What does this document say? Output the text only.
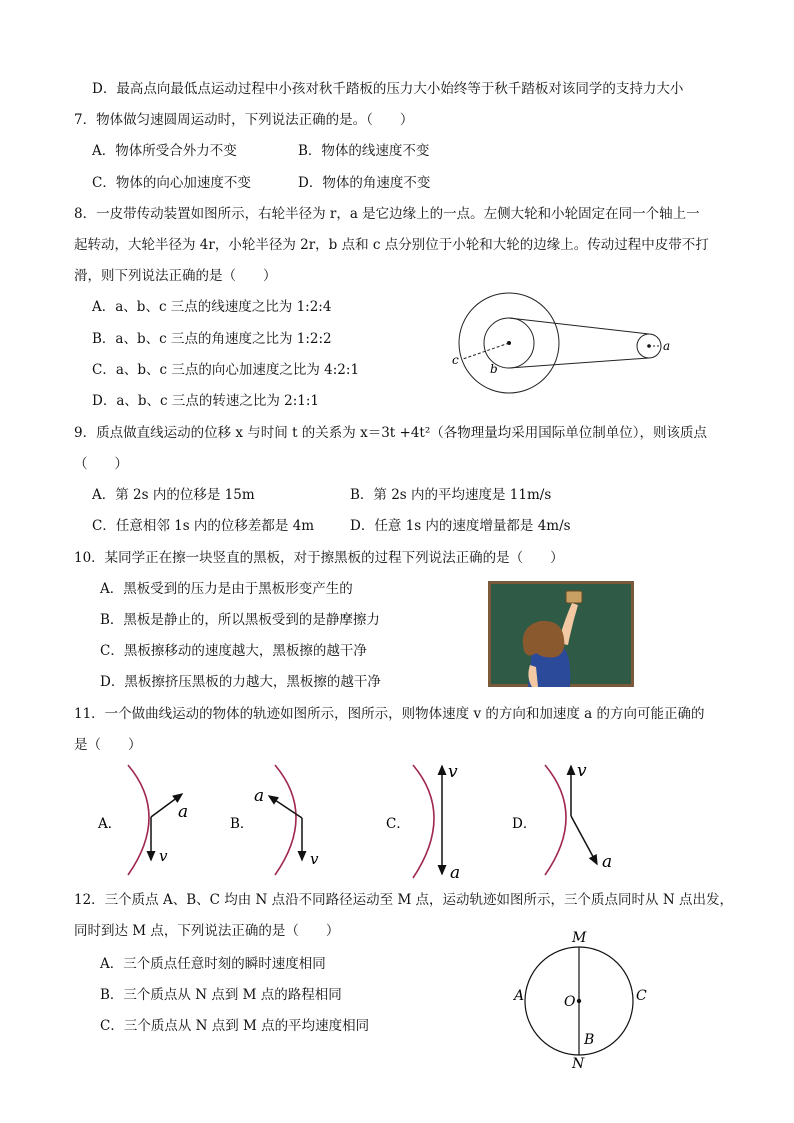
D．最高点向最低点运动过程中小孩对秋千踏板的压力大小始终等于秋千踏板对该同学的支持力大小
7．物体做匀速圆周运动时，下列说法正确的是。（　　）
A．物体所受合外力不变	B．物体的线速度不变
C．物体的向心加速度不变	D．物体的角速度不变
8．一皮带传动装置如图所示，右轮半径为 r，a 是它边缘上的一点。左侧大轮和小轮固定在同一个轴上一
起转动，大轮半径为 4r，小轮半径为 2r，b 点和 c 点分别位于小轮和大轮的边缘上。传动过程中皮带不打
滑，则下列说法正确的是（　　）
A．a、b、c 三点的线速度之比为 1:2:4
B．a、b、c 三点的角速度之比为 1:2:2
C．a、b、c 三点的向心加速度之比为 4:2:1
D．a、b、c 三点的转速之比为 2:1:1
c
b
a
9．质点做直线运动的位移 x 与时间 t 的关系为 x＝3t +4t²（各物理量均采用国际单位制单位），则该质点
（　　）
A．第 2s 内的位移是 15m	B．第 2s 内的平均速度是 11m/s
C．任意相邻 1s 内的位移差都是 4m	D．任意 1s 内的速度增量都是 4m/s
10．某同学正在擦一块竖直的黑板，对于擦黑板的过程下列说法正确的是（　　）
A．黑板受到的压力是由于黑板形变产生的
B．黑板是静止的，所以黑板受到的是静摩擦力
C．黑板擦移动的速度越大，黑板擦的越干净
D．黑板擦挤压黑板的力越大，黑板擦的越干净
11．一个做曲线运动的物体的轨迹如图所示，图所示，则物体速度 v 的方向和加速度 a 的方向可能正确的
是（　　）
A．
v
a
B．
v
a
C．
v
a
D．
v
a
12．三个质点 A、B、C 均由 N 点沿不同路径运动至 M 点，运动轨迹如图所示，三个质点同时从 N 点出发，
同时到达 M 点，下列说法正确的是（　　）
A．三个质点任意时刻的瞬时速度相同
B．三个质点从 N 点到 M 点的路程相同
C．三个质点从 N 点到 M 点的平均速度相同
M
N
O
A
B
C
